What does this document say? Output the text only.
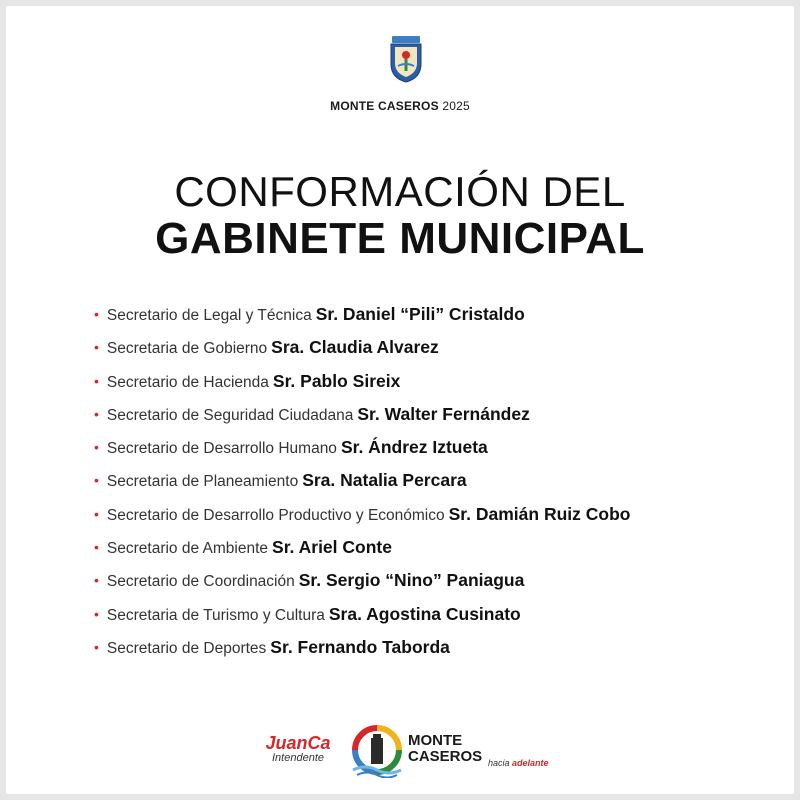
MONTE CASEROS 2025
CONFORMACIÓN DEL
GABINETE MUNICIPAL
• Secretario de Legal y Técnica Sr. Daniel “Pili” Cristaldo
• Secretaria de Gobierno Sra. Claudia Alvarez
• Secretario de Hacienda Sr. Pablo Sireix
• Secretario de Seguridad Ciudadana Sr. Walter Fernández
• Secretario de Desarrollo Humano Sr. Ándrez Iztueta
• Secretaria de Planeamiento Sra. Natalia Percara
• Secretario de Desarrollo Productivo y Económico Sr. Damián Ruiz Cobo
• Secretario de Ambiente Sr. Ariel Conte
• Secretario de Coordinación Sr. Sergio “Nino” Paniagua
• Secretaria de Turismo y Cultura Sra. Agostina Cusinato
• Secretario de Deportes Sr. Fernando Taborda
JuanCa
Intendente
MONTE
CASEROS hacia adelante
